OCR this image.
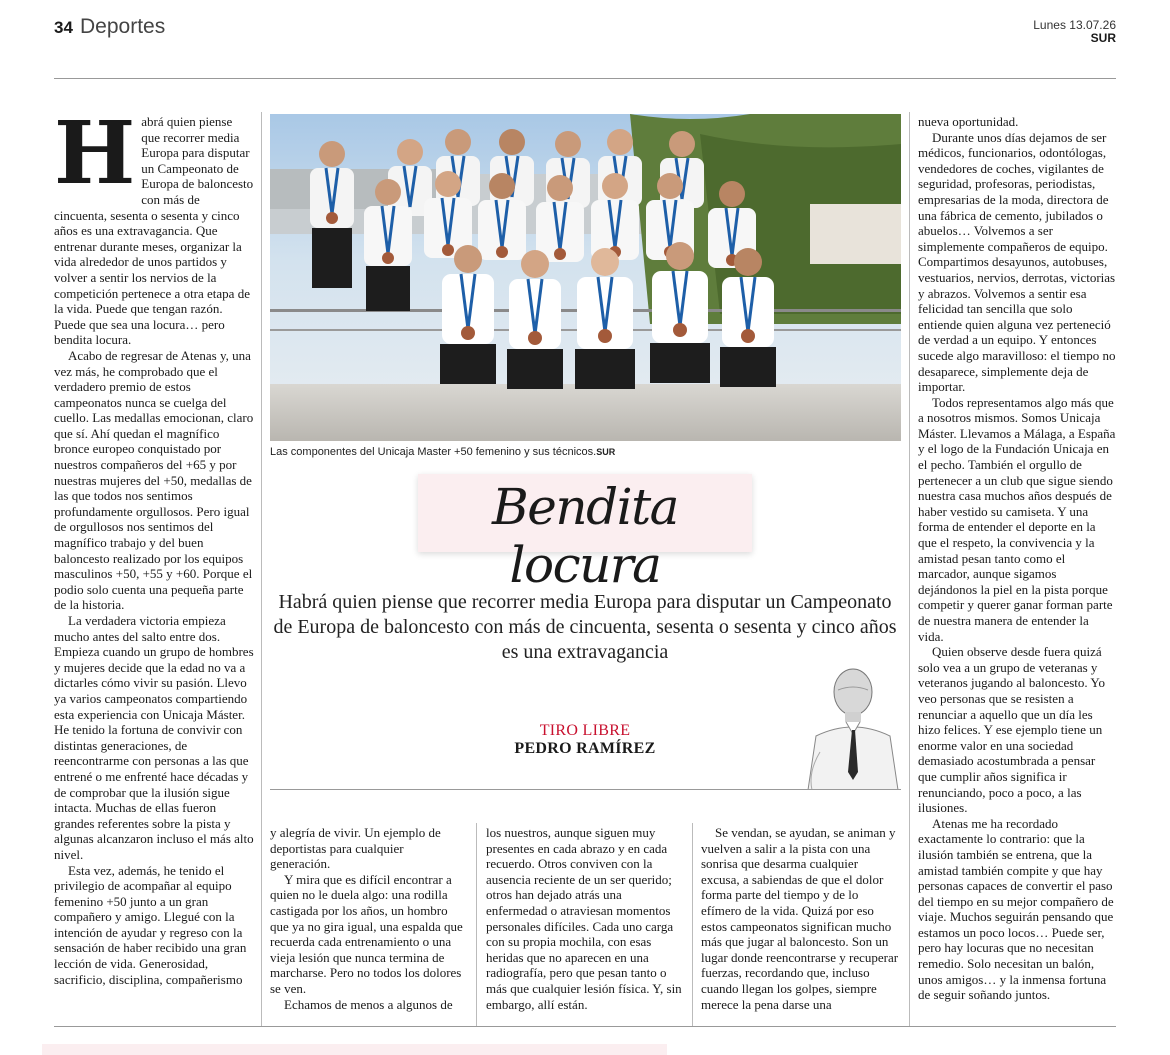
34 Deportes	Lunes 13.07.26
SUR

Habrá quien piense que recorrer media Europa para disputar un Campeonato de Europa de baloncesto con más de cincuenta, sesenta o sesenta y cinco años es una extravagancia. Que entrenar durante meses, organizar la vida alrededor de unos partidos y volver a sentir los nervios de la competición pertenece a otra etapa de la vida. Puede que tengan razón. Puede que sea una locura… pero bendita locura.

Acabo de regresar de Atenas y, una vez más, he comprobado que el verdadero premio de estos campeonatos nunca se cuelga del cuello. Las medallas emocionan, claro que sí. Ahí quedan el magnífico bronce europeo conquistado por nuestros compañeros del +65 y por nuestras mujeres del +50, medallas de las que todos nos sentimos profundamente orgullosos. Pero igual de orgullosos nos sentimos del magnífico trabajo y del buen baloncesto realizado por los equipos masculinos +50, +55 y +60. Porque el podio solo cuenta una pequeña parte de la historia.

La verdadera victoria empieza mucho antes del salto entre dos. Empieza cuando un grupo de hombres y mujeres decide que la edad no va a dictarles cómo vivir su pasión. Llevo ya varios campeonatos compartiendo esta experiencia con Unicaja Máster. He tenido la fortuna de convivir con distintas generaciones, de reencontrarme con personas a las que entrené o me enfrenté hace décadas y de comprobar que la ilusión sigue intacta. Muchas de ellas fueron grandes referentes sobre la pista y algunas alcanzaron incluso el más alto nivel.

Esta vez, además, he tenido el privilegio de acompañar al equipo femenino +50 junto a un gran compañero y amigo. Llegué con la intención de ayudar y regreso con la sensación de haber recibido una gran lección de vida. Generosidad, sacrificio, disciplina, compañerismo

Las componentes del Unicaja Master +50 femenino y sus técnicos.SUR
Bendita locura
Habrá quien piense que recorrer media Europa para disputar un Campeonato de Europa de baloncesto con más de cincuenta, sesenta o sesenta y cinco años es una extravagancia
TIRO LIBRE
PEDRO RAMÍREZ

y alegría de vivir. Un ejemplo de deportistas para cualquier generación.

Y mira que es difícil encontrar a quien no le duela algo: una rodilla castigada por los años, un hombro que ya no gira igual, una espalda que recuerda cada entrenamiento o una vieja lesión que nunca termina de marcharse. Pero no todos los dolores se ven.

Echamos de menos a algunos de

los nuestros, aunque siguen muy presentes en cada abrazo y en cada recuerdo. Otros conviven con la ausencia reciente de un ser querido; otros han dejado atrás una enfermedad o atraviesan momentos personales difíciles. Cada uno carga con su propia mochila, con esas heridas que no aparecen en una radiografía, pero que pesan tanto o más que cualquier lesión física. Y, sin embargo, allí están.

Se vendan, se ayudan, se animan y vuelven a salir a la pista con una sonrisa que desarma cualquier excusa, a sabiendas de que el dolor forma parte del tiempo y de lo efímero de la vida. Quizá por eso estos campeonatos significan mucho más que jugar al baloncesto. Son un lugar donde reencontrarse y recuperar fuerzas, recordando que, incluso cuando llegan los golpes, siempre merece la pena darse una

nueva oportunidad.

Durante unos días dejamos de ser médicos, funcionarios, odontólogas, vendedores de coches, vigilantes de seguridad, profesoras, periodistas, empresarias de la moda, directora de una fábrica de cemento, jubilados o abuelos… Volvemos a ser simplemente compañeros de equipo. Compartimos desayunos, autobuses, vestuarios, nervios, derrotas, victorias y abrazos. Volvemos a sentir esa felicidad tan sencilla que solo entiende quien alguna vez perteneció de verdad a un equipo. Y entonces sucede algo maravilloso: el tiempo no desaparece, simplemente deja de importar.

Todos representamos algo más que a nosotros mismos. Somos Unicaja Máster. Llevamos a Málaga, a España y el logo de la Fundación Unicaja en el pecho. También el orgullo de pertenecer a un club que sigue siendo nuestra casa muchos años después de haber vestido su camiseta. Y una forma de entender el deporte en la que el respeto, la convivencia y la amistad pesan tanto como el marcador, aunque sigamos dejándonos la piel en la pista porque competir y querer ganar forman parte de nuestra manera de entender la vida.

Quien observe desde fuera quizá solo vea a un grupo de veteranas y veteranos jugando al baloncesto. Yo veo personas que se resisten a renunciar a aquello que un día les hizo felices. Y ese ejemplo tiene un enorme valor en una sociedad demasiado acostumbrada a pensar que cumplir años significa ir renunciando, poco a poco, a las ilusiones.

Atenas me ha recordado exactamente lo contrario: que la ilusión también se entrena, que la amistad también compite y que hay personas capaces de convertir el paso del tiempo en su mejor compañero de viaje. Muchos seguirán pensando que estamos un poco locos… Puede ser, pero hay locuras que no necesitan remedio. Solo necesitan un balón, unos amigos… y la inmensa fortuna de seguir soñando juntos.
